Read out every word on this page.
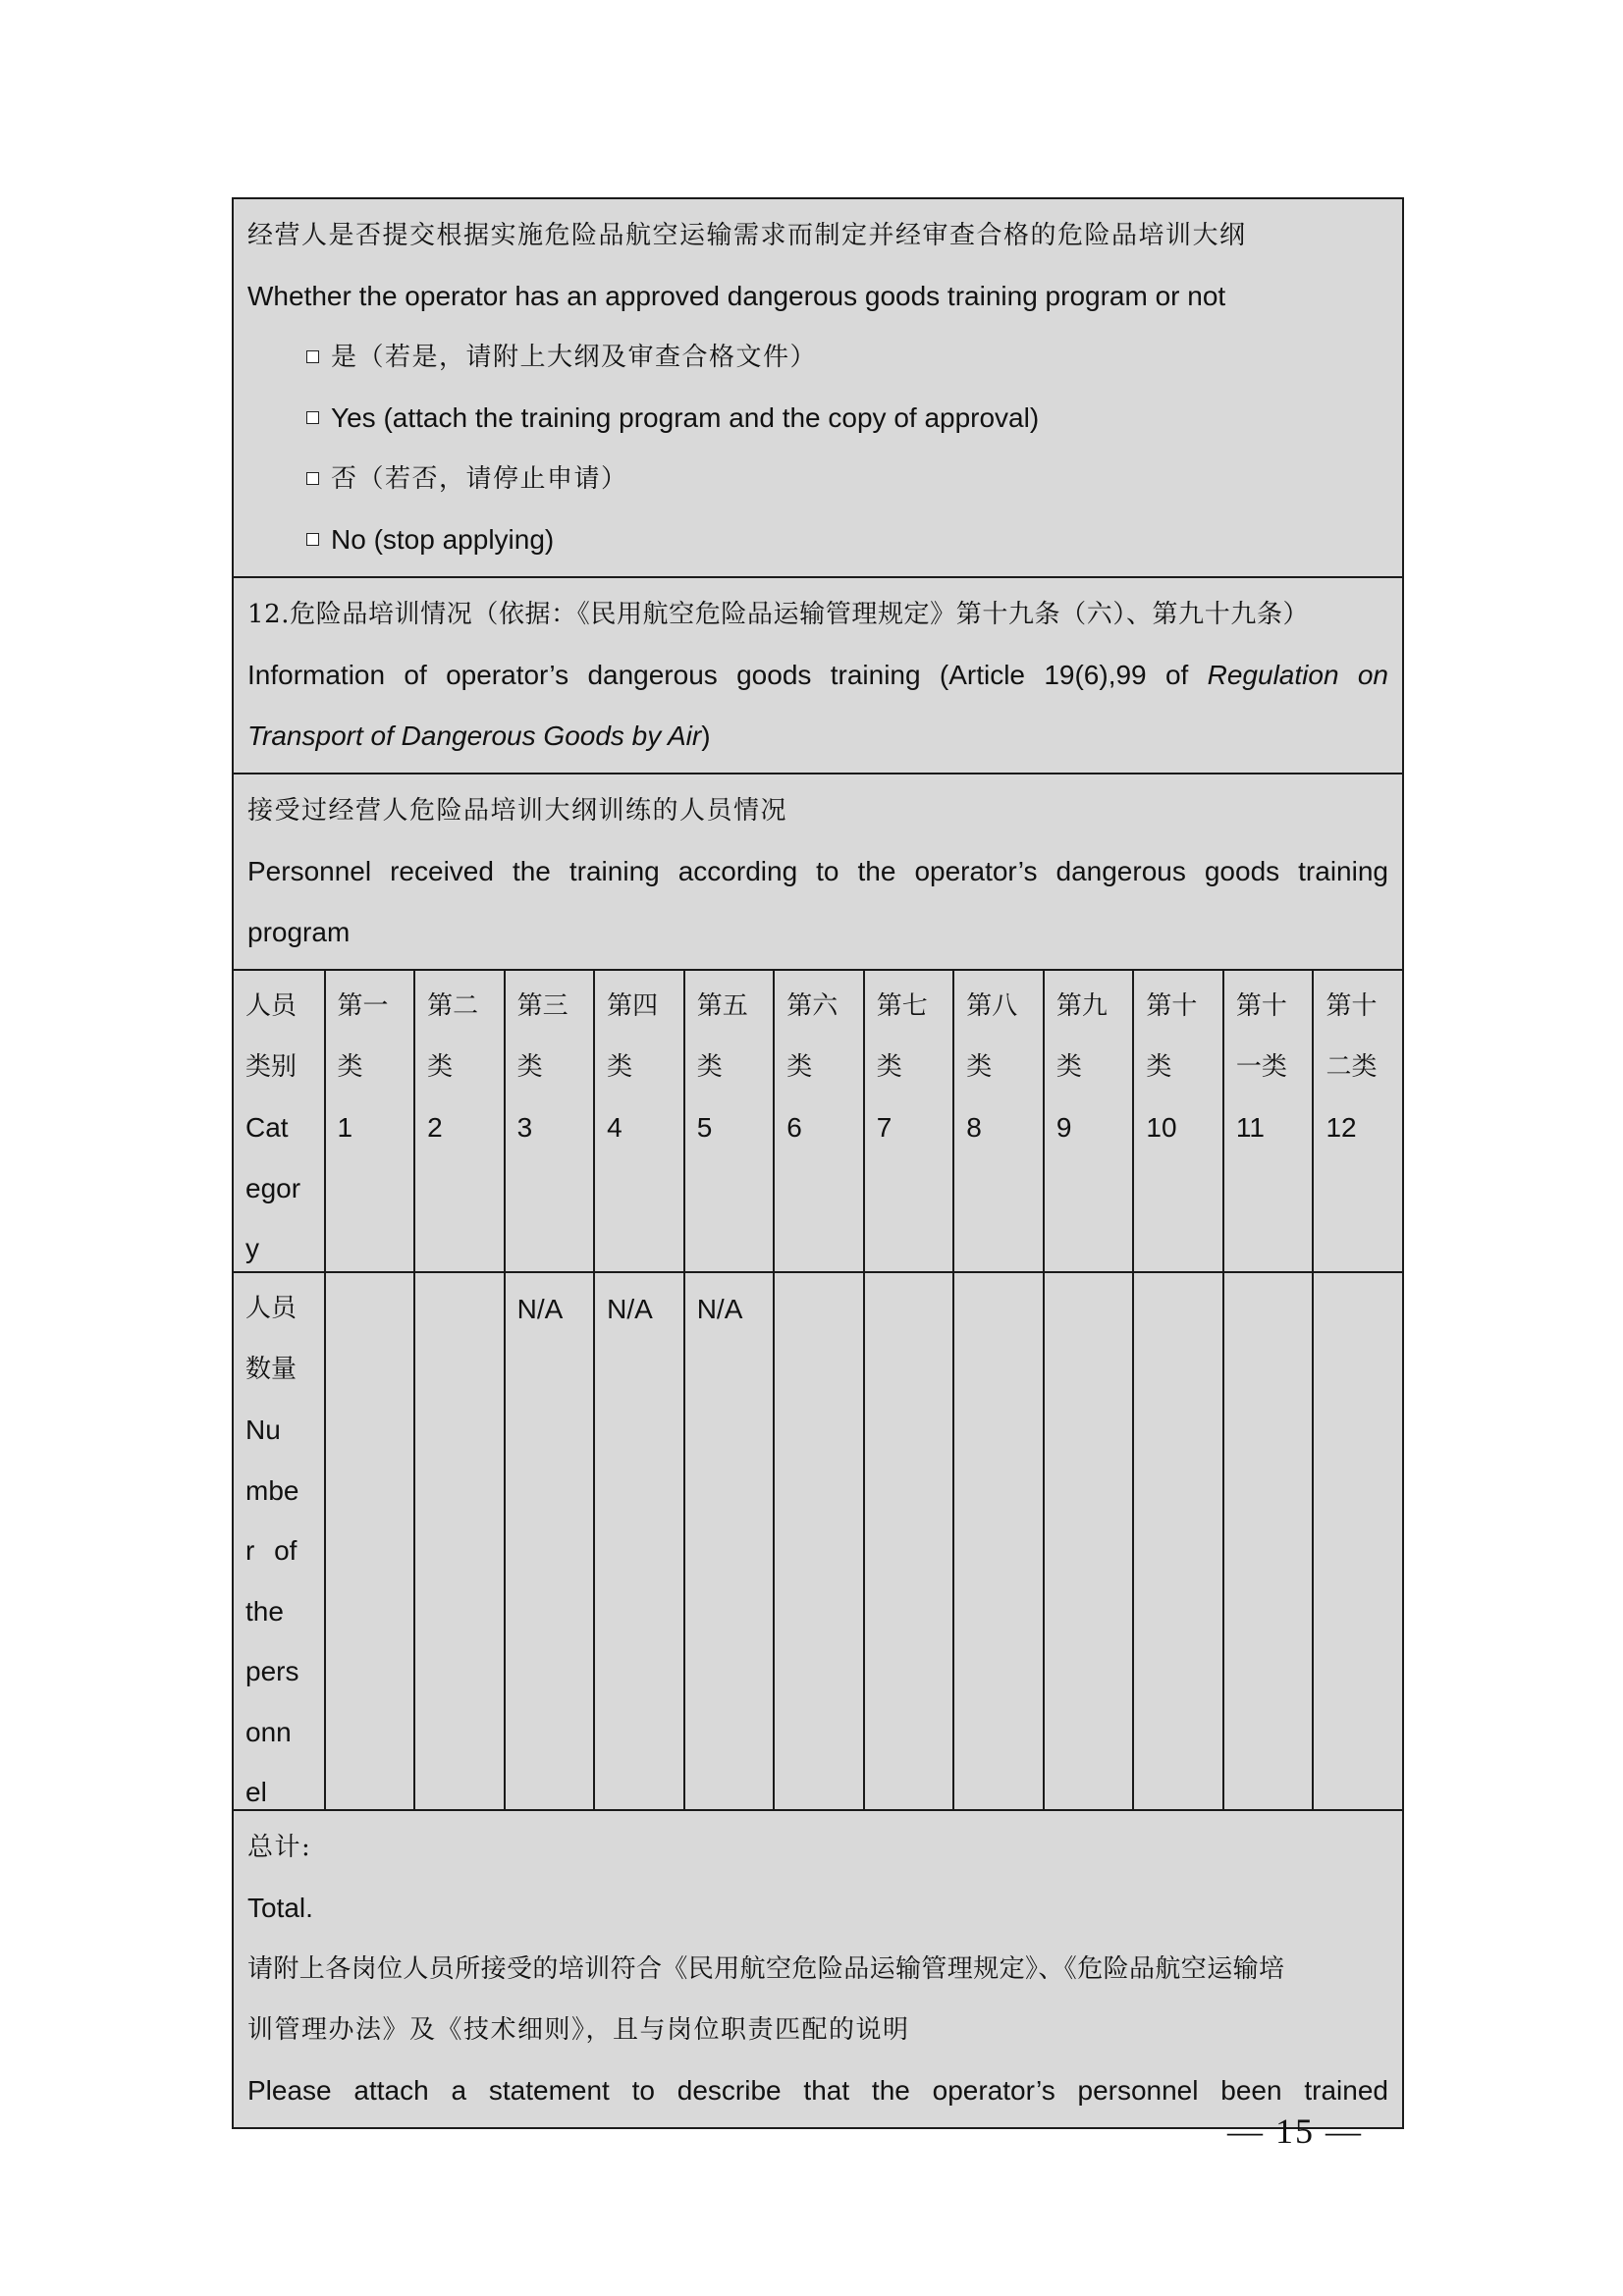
经营人是否提交根据实施危险品航空运输需求而制定并经审查合格的危险品培训大纲
Whether the operator has an approved dangerous goods training program or not
是（若是，请附上大纲及审查合格文件）
Yes (attach the training program and the copy of approval)
否（若否，请停止申请）
No (stop applying)
12.危险品培训情况（依据：《民用航空危险品运输管理规定》第十九条（六）、第九十九条）
Information of operator’s dangerous goods training (Article 19(6),99 of Regulation on
Transport of Dangerous Goods by Air)
接受过经营人危险品培训大纲训练的人员情况
Personnel received the training according to the operator’s dangerous goods training
program
人员
类别
Cat
egor
y
第一
类
1
第二
类
2
第三
类
3
第四
类
4
第五
类
5
第六
类
6
第七
类
7
第八
类
8
第九
类
9
第十
类
10
第十
一类
11
第十
二类
12
人员
数量
Nu
mbe
r of
the
pers
onn
el
N/A	N/A	N/A
总计:
Total.
请附上各岗位人员所接受的培训符合《民用航空危险品运输管理规定》、《危险品航空运输培
训管理办法》及《技术细则》，且与岗位职责匹配的说明
Please attach a statement to describe that the operator’s personnel been trained
— 15 —
